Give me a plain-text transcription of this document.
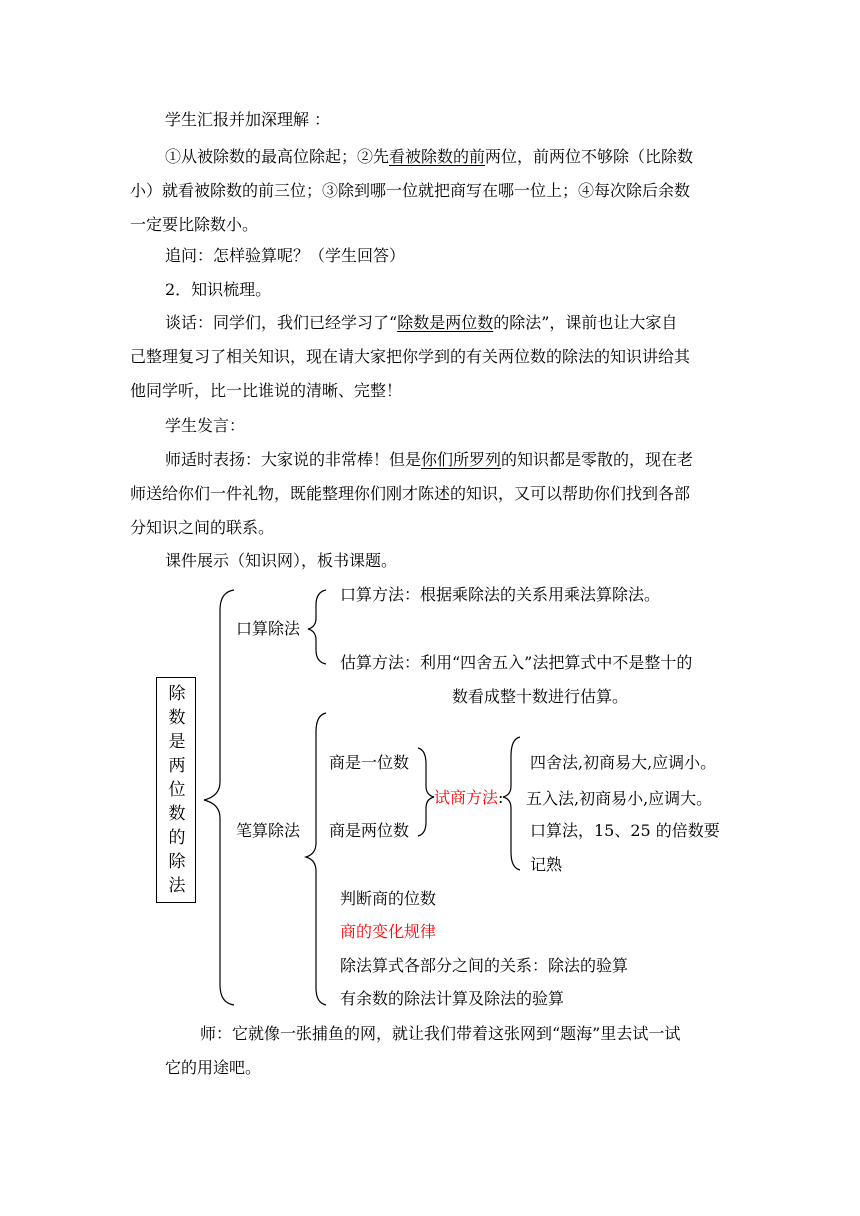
学生汇报并加深理解 ：
①从被除数的最高位除起；②先看被除数的前两位，前两位不够除（比除数
小）就看被除数的前三位；③除到哪一位就把商写在哪一位上；④每次除后余数
一定要比除数小。
追问：怎样验算呢？（学生回答）
2．知识梳理。
谈话：同学们，我们已经学习了“除数是两位数的除法”，课前也让大家自
己整理复习了相关知识，现在请大家把你学到的有关两位数的除法的知识讲给其
他同学听，比一比谁说的清晰、完整！
学生发言：
师适时表扬：大家说的非常棒！但是你们所罗列的知识都是零散的，现在老
师送给你们一件礼物，既能整理你们刚才陈述的知识，又可以帮助你们找到各部
分知识之间的联系。
课件展示（知识网），板书课题。
除
数
是
两
位
数
的
除
法
口算除法
口算方法：根据乘除法的关系用乘法算除法。
估算方法：利用“四舍五入”法把算式中不是整十的
数看成整十数进行估算。
笔算除法
商是一位数
商是两位数
试商方法:
四舍法,初商易大,应调小。
五入法,初商易小,应调大。
口算法，15、25 的倍数要
记熟
判断商的位数
商的变化规律
除法算式各部分之间的关系：除法的验算
有余数的除法计算及除法的验算
师：它就像一张捕鱼的网，就让我们带着这张网到“题海”里去试一试
它的用途吧。
